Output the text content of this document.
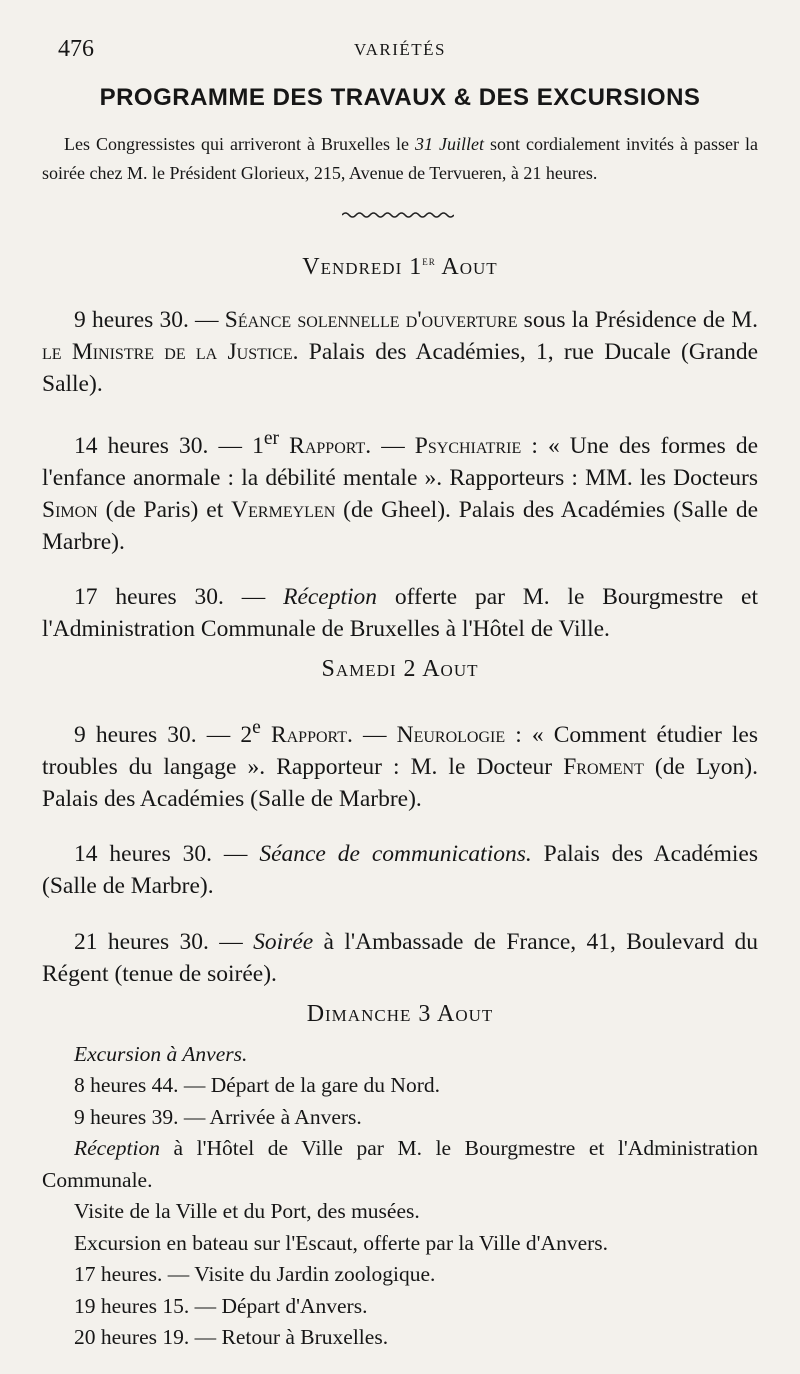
476	VARIÉTÉS
PROGRAMME DES TRAVAUX & DES EXCURSIONS

Les Congressistes qui arriveront à Bruxelles le 31 Juillet sont cordialement invités à passer la soirée chez M. le Président Glorieux, 215, Avenue de Tervueren, à 21 heures.

Vendredi 1er Aout

9 heures 30. — Séance solennelle d'ouverture sous la Présidence de M. le Ministre de la Justice. Palais des Académies, 1, rue Ducale (Grande Salle).

14 heures 30. — 1er Rapport. — Psychiatrie : « Une des formes de l'enfance anormale : la débilité mentale ». Rapporteurs : MM. les Docteurs Simon (de Paris) et Vermeylen (de Gheel). Palais des Académies (Salle de Marbre).

17 heures 30. — Réception offerte par M. le Bourgmestre et l'Administration Communale de Bruxelles à l'Hôtel de Ville.

Samedi 2 Aout

9 heures 30. — 2e Rapport. — Neurologie : « Comment étudier les troubles du langage ». Rapporteur : M. le Docteur Froment (de Lyon). Palais des Académies (Salle de Marbre).

14 heures 30. — Séance de communications. Palais des Académies (Salle de Marbre).

21 heures 30. — Soirée à l'Ambassade de France, 41, Boulevard du Régent (tenue de soirée).

Dimanche 3 Aout

Excursion à Anvers.

8 heures 44. — Départ de la gare du Nord.

9 heures 39. — Arrivée à Anvers.

Réception à l'Hôtel de Ville par M. le Bourgmestre et l'Administration Communale.

Visite de la Ville et du Port, des musées.

Excursion en bateau sur l'Escaut, offerte par la Ville d'Anvers.

17 heures. — Visite du Jardin zoologique.

19 heures 15. — Départ d'Anvers.

20 heures 19. — Retour à Bruxelles.
